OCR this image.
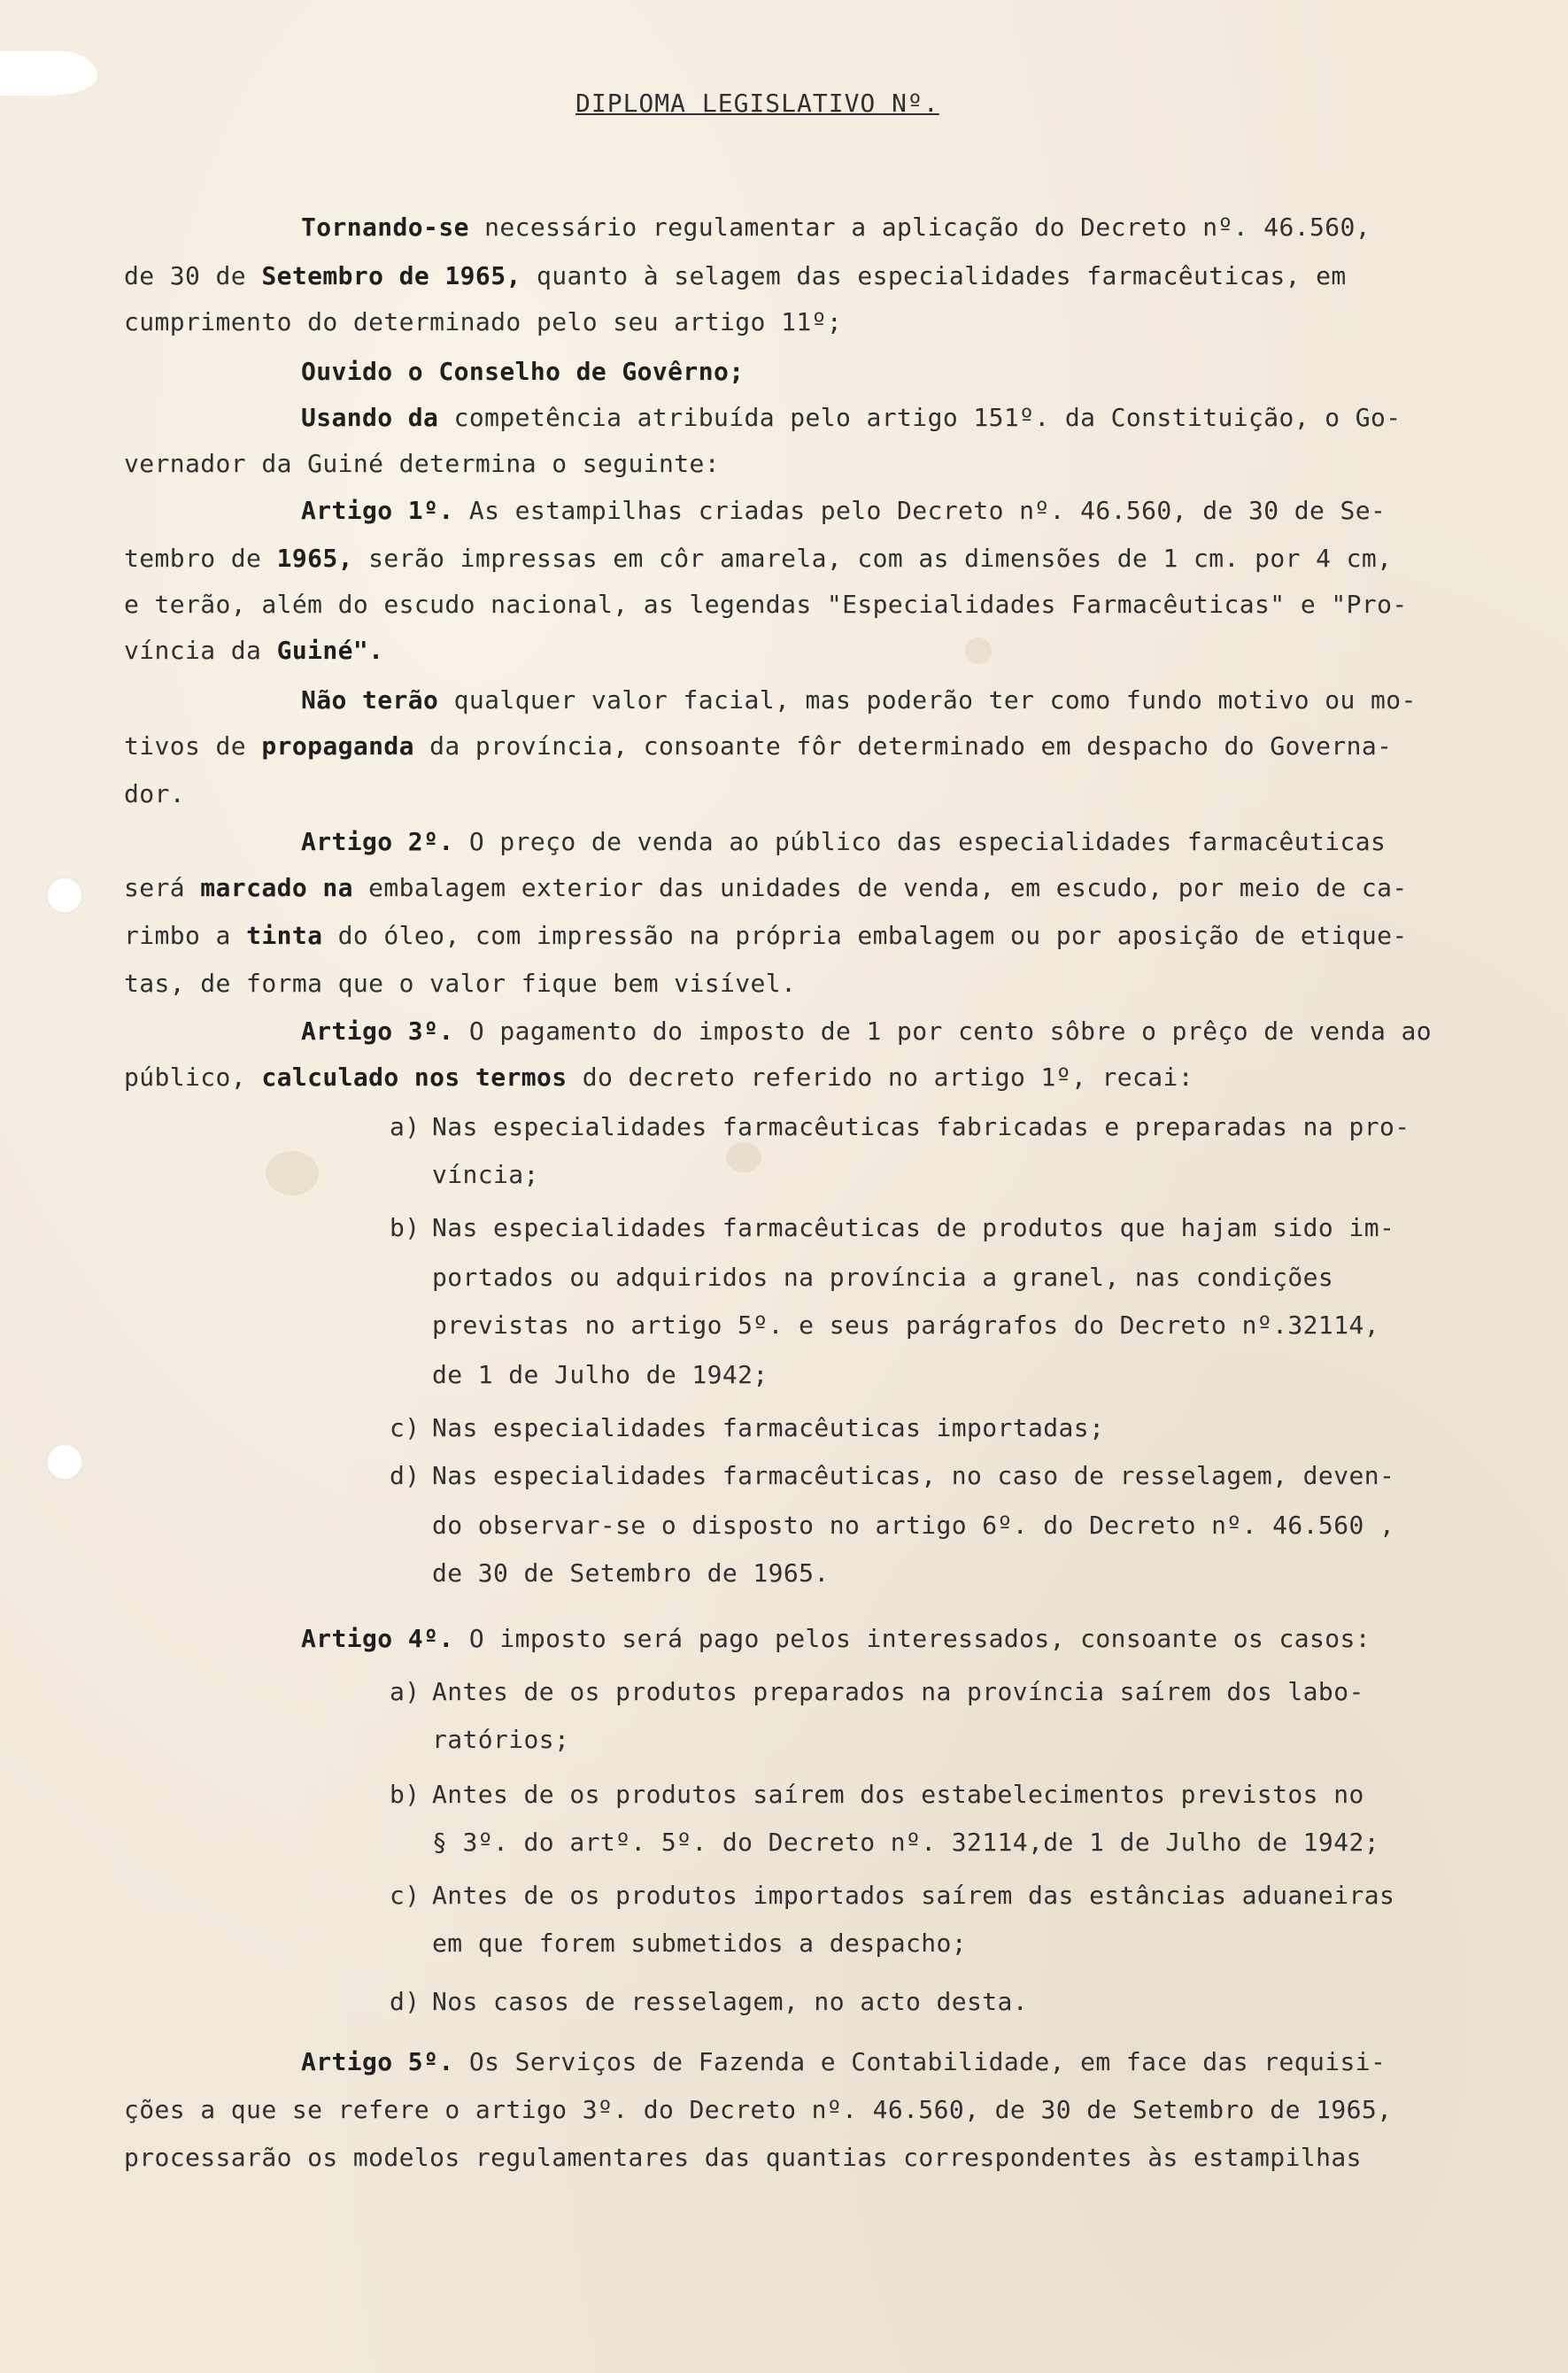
DIPLOMA LEGISLATIVO Nº.
Tornando-se necessário regulamentar a aplicação do Decreto nº. 46.560,
de 30 de Setembro de 1965, quanto à selagem das especialidades farmacêuticas, em
cumprimento do determinado pelo seu artigo 11º;
Ouvido o Conselho de Govêrno;
Usando da competência atribuída pelo artigo 151º. da Constituição, o Go-
vernador da Guiné determina o seguinte:
Artigo 1º. As estampilhas criadas pelo Decreto nº. 46.560, de 30 de Se-
tembro de 1965, serão impressas em côr amarela, com as dimensões de 1 cm. por 4 cm,
e terão, além do escudo nacional, as legendas "Especialidades Farmacêuticas" e "Pro-
víncia da Guiné".
Não terão qualquer valor facial, mas poderão ter como fundo motivo ou mo-
tivos de propaganda da província, consoante fôr determinado em despacho do Governa-
dor.
Artigo 2º. O preço de venda ao público das especialidades farmacêuticas
será marcado na embalagem exterior das unidades de venda, em escudo, por meio de ca-
rimbo a tinta do óleo, com impressão na própria embalagem ou por aposição de etique-
tas, de forma que o valor fique bem visível.
Artigo 3º. O pagamento do imposto de 1 por cento sôbre o prêço de venda ao
público, calculado nos termos do decreto referido no artigo 1º, recai:
a) Nas especialidades farmacêuticas fabricadas e preparadas na pro-
víncia;
b) Nas especialidades farmacêuticas de produtos que hajam sido im-
portados ou adquiridos na província a granel, nas condições
previstas no artigo 5º. e seus parágrafos do Decreto nº.32114,
de 1 de Julho de 1942;
c) Nas especialidades farmacêuticas importadas;
d) Nas especialidades farmacêuticas, no caso de resselagem, deven-
do observar-se o disposto no artigo 6º. do Decreto nº. 46.560 ,
de 30 de Setembro de 1965.
Artigo 4º. O imposto será pago pelos interessados, consoante os casos:
a) Antes de os produtos preparados na província saírem dos labo-
ratórios;
b) Antes de os produtos saírem dos estabelecimentos previstos no
§ 3º. do artº. 5º. do Decreto nº. 32114,de 1 de Julho de 1942;
c) Antes de os produtos importados saírem das estâncias aduaneiras
em que forem submetidos a despacho;
d) Nos casos de resselagem, no acto desta.
Artigo 5º. Os Serviços de Fazenda e Contabilidade, em face das requisi-
ções a que se refere o artigo 3º. do Decreto nº. 46.560, de 30 de Setembro de 1965,
processarão os modelos regulamentares das quantias correspondentes às estampilhas
